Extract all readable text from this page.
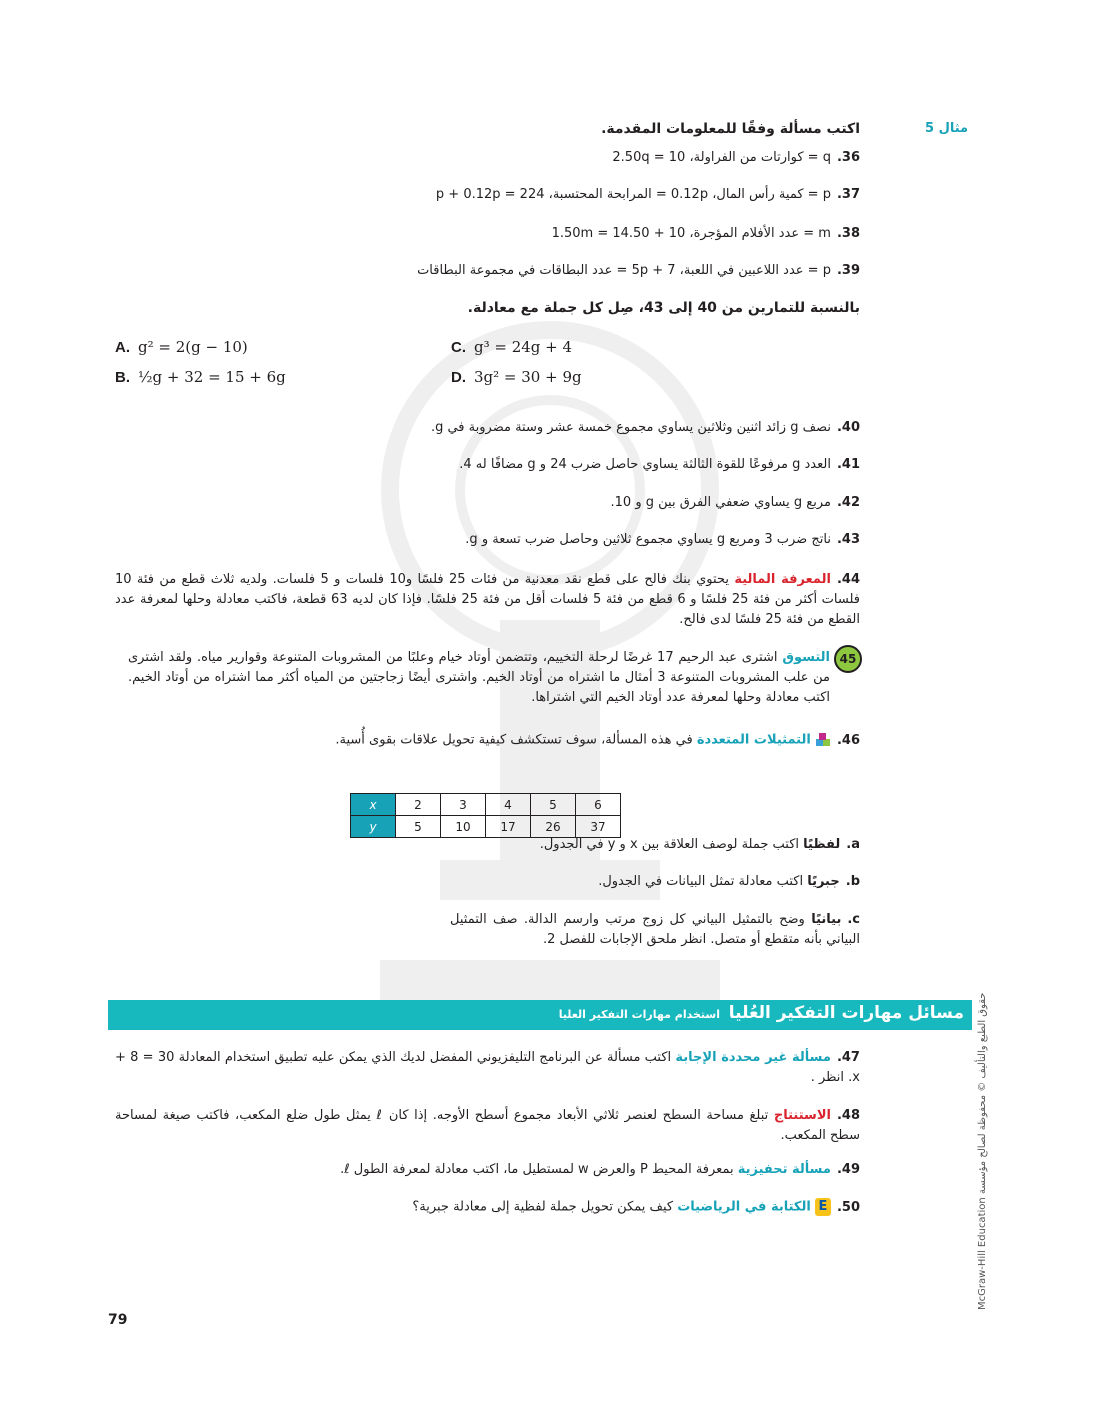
مثال 5
اكتب مسألة وفقًا للمعلومات المقدمة.
36.q = كوارتات من الفراولة، 2.50q = 10
37.p = كمية رأس المال، 0.12p = المرابحة المحتسبة، p + 0.12p = 224
38.m = عدد الأفلام المؤجرة، 10 + 1.50m = 14.50
39.p = عدد اللاعبين في اللعبة، 5p + 7 = عدد البطاقات في مجموعة البطاقات
بالنسبة للتمارين من 40 إلى 43، صِل كل جملة مع معادلة.
A. g² = 2(g − 10)	C. g³ = 24g + 4
B. ½g + 32 = 15 + 6g	D. 3g² = 30 + 9g
40.نصف g زائد اثنين وثلاثين يساوي مجموع خمسة عشر وستة مضروبة في g.
41.العدد g مرفوعًا للقوة الثالثة يساوي حاصل ضرب 24 و g مضافًا له 4.
42.مربع g يساوي ضعفي الفرق بين g و 10.
43.ناتج ضرب 3 ومربع g يساوي مجموع ثلاثين وحاصل ضرب تسعة و g.
44.المعرفة المالية يحتوي بنك فالح على قطع نقد معدنية من فئات 25 فلسًا و10 فلسات و 5 فلسات. ولديه ثلاث قطع من فئة 10 فلسات أكثر من فئة 25 فلسًا و 6 قطع من فئة 5 فلسات أقل من فئة 25 فلسًا. فإذا كان لديه 63 قطعة، فاكتب معادلة وحلها لمعرفة عدد القطع من فئة 25 فلسًا لدى فالح.
45
التسوق اشترى عبد الرحيم 17 غرضًا لرحلة التخييم، وتتضمن أوتاد خيام وعلبًا من المشروبات المتنوعة وقوارير مياه. ولقد اشترى من علب المشروبات المتنوعة 3 أمثال ما اشتراه من أوتاد الخيم. واشترى أيضًا زجاجتين من المياه أكثر مما اشتراه من أوتاد الخيم. اكتب معادلة وحلها لمعرفة عدد أوتاد الخيم التي اشتراها.
46. التمثيلات المتعددة في هذه المسألة، سوف تستكشف كيفية تحويل علاقات بقوى أُسية.
x	2	3	4	5	6
y	5	10	17	26	37
a.لفظيًا اكتب جملة لوصف العلاقة بين x و y في الجدول.
b.جبريًا اكتب معادلة تمثل البيانات في الجدول.
c.بيانيًا وضح بالتمثيل البياني كل زوج مرتب وارسم الدالة. صف التمثيل البياني بأنه متقطع أو متصل. انظر ملحق الإجابات للفصل 2.
مسائل مهارات التفكير العُليا
استخدام مهارات التفكير العليا
47.مسألة غير محددة الإجابة اكتب مسألة عن البرنامج التليفزيوني المفضل لديك الذي يمكن عليه تطبيق استخدام المعادلة 30 = 8 + x. انظر .
48.الاستنتاج تبلغ مساحة السطح لعنصر ثلاثي الأبعاد مجموع أسطح الأوجه. إذا كان ℓ يمثل طول ضلع المكعب، فاكتب صيغة لمساحة سطح المكعب.
49.مسألة تحفيزية بمعرفة المحيط P والعرض w لمستطيل ما، اكتب معادلة لمعرفة الطول ℓ.
50.E الكتابة في الرياضيات كيف يمكن تحويل جملة لفظية إلى معادلة جبرية؟
79
حقوق الطبع والتأليف © محفوظة لصالح مؤسسة McGraw-Hill Education
